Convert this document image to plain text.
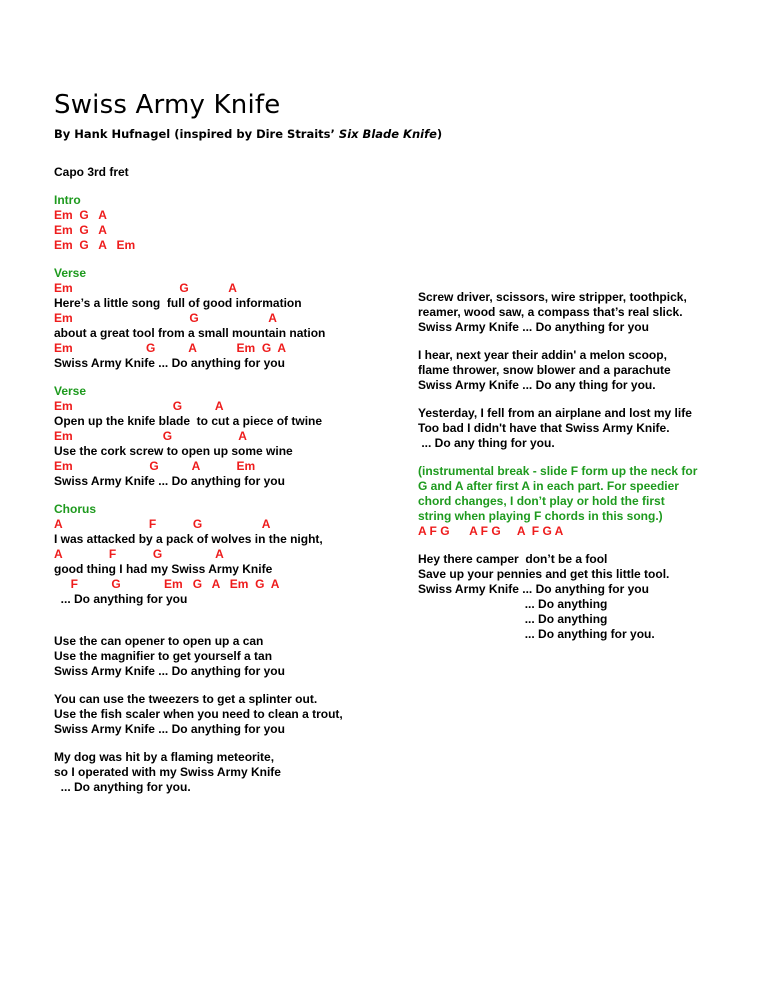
Swiss Army Knife
By Hank Hufnagel (inspired by Dire Straits’ Six Blade Knife)
Capo 3rd fret
Intro
Em  G   A
Em  G   A
Em  G   A   Em
Verse
Em                                G            A
Here’s a little song  full of good information
Em                                   G                     A
about a great tool from a small mountain nation
Em                      G          A            Em  G  A
Swiss Army Knife ... Do anything for you
Verse
Em                              G          A
Open up the knife blade  to cut a piece of twine
Em                           G                    A
Use the cork screw to open up some wine
Em                       G          A           Em
Swiss Army Knife ... Do anything for you
Chorus
A                          F           G                  A
I was attacked by a pack of wolves in the night,
A              F           G                A
good thing I had my Swiss Army Knife
F          G             Em   G   A   Em  G  A
... Do anything for you
Use the can opener to open up a can
Use the magnifier to get yourself a tan
Swiss Army Knife ... Do anything for you
You can use the tweezers to get a splinter out.
Use the fish scaler when you need to clean a trout,
Swiss Army Knife ... Do anything for you
My dog was hit by a flaming meteorite,
so I operated with my Swiss Army Knife
... Do anything for you.
Screw driver, scissors, wire stripper, toothpick,
reamer, wood saw, a compass that’s real slick.
Swiss Army Knife ... Do anything for you
I hear, next year their addin' a melon scoop,
flame thrower, snow blower and a parachute
Swiss Army Knife ... Do any thing for you.
Yesterday, I fell from an airplane and lost my life
Too bad I didn't have that Swiss Army Knife.
... Do any thing for you.
(instrumental break - slide F form up the neck for
G and A after first A in each part. For speedier
chord changes, I don’t play or hold the first
string when playing F chords in this song.)
A F G      A F G     A  F G A
Hey there camper  don’t be a fool
Save up your pennies and get this little tool.
Swiss Army Knife ... Do anything for you
... Do anything
... Do anything
... Do anything for you.
